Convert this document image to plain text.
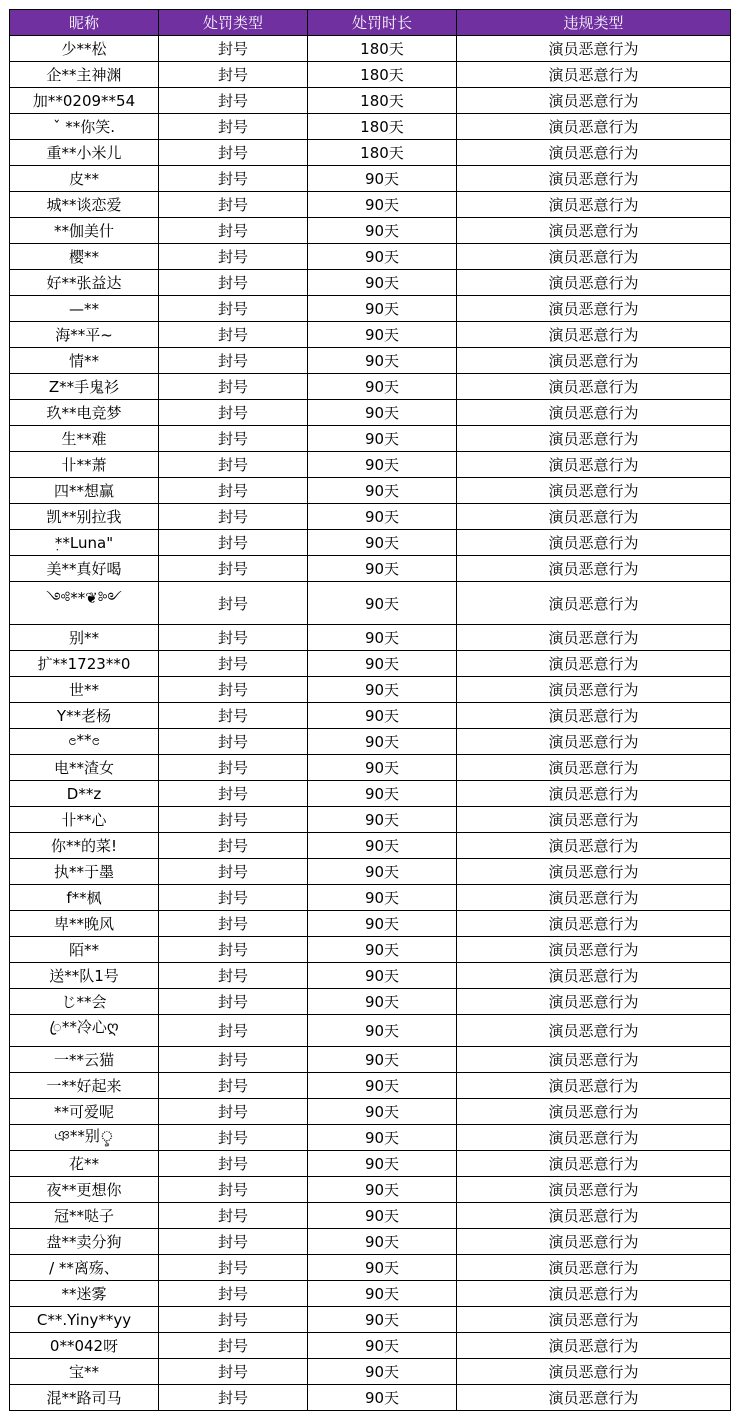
昵称	处罚类型	处罚时长	违规类型
少**松	封号	180天	演员恶意行为
企**主神渊	封号	180天	演员恶意行为
加**0209**54	封号	180天	演员恶意行为
ˇ **你笑.	封号	180天	演员恶意行为
重**小米儿	封号	180天	演员恶意行为
皮**	封号	90天	演员恶意行为
城**谈恋爱	封号	90天	演员恶意行为
**伽美什	封号	90天	演员恶意行为
樱**	封号	90天	演员恶意行为
好**张益达	封号	90天	演员恶意行为
—**	封号	90天	演员恶意行为
海**平~	封号	90天	演员恶意行为
情**	封号	90天	演员恶意行为
Z**手鬼衫	封号	90天	演员恶意行为
玖**电竞梦	封号	90天	演员恶意行为
生**难	封号	90天	演员恶意行为
卝**萧	封号	90天	演员恶意行为
四**想赢	封号	90天	演员恶意行为
凯**别拉我	封号	90天	演员恶意行为
ٜ**Luna"	封号	90天	演员恶意行为
美**真好喝	封号	90天	演员恶意行为
༺**❦༻	封号	90天	演员恶意行为
别**	封号	90天	演员恶意行为
扩**1723**0	封号	90天	演员恶意行为
世**	封号	90天	演员恶意行为
Y**老杨	封号	90天	演员恶意行为
ၔ**ၔ	封号	90天	演员恶意行为
电**渣女	封号	90天	演员恶意行为
D**z	封号	90天	演员恶意行为
卝**心	封号	90天	演员恶意行为
你**的菜!	封号	90天	演员恶意行为
执**于墨	封号	90天	演员恶意行为
f**枫	封号	90天	演员恶意行为
卑**晚风	封号	90天	演员恶意行为
陌**	封号	90天	演员恶意行为
送**队1号	封号	90天	演员恶意行为
じ**会	封号	90天	演员恶意行为
ꦿ**冷心ღ	封号	90天	演员恶意行为
一**云猫	封号	90天	演员恶意行为
一**好起来	封号	90天	演员恶意行为
**可爱呢	封号	90天	演员恶意行为
ঞ**别ৢ	封号	90天	演员恶意行为
花**	封号	90天	演员恶意行为
夜**更想你	封号	90天	演员恶意行为
冠**哒子	封号	90天	演员恶意行为
盘**卖分狗	封号	90天	演员恶意行为
/ **离殇、	封号	90天	演员恶意行为
**迷雾	封号	90天	演员恶意行为
C**.Yiny**yy	封号	90天	演员恶意行为
0**042呀	封号	90天	演员恶意行为
宝**	封号	90天	演员恶意行为
混**路司马	封号	90天	演员恶意行为
